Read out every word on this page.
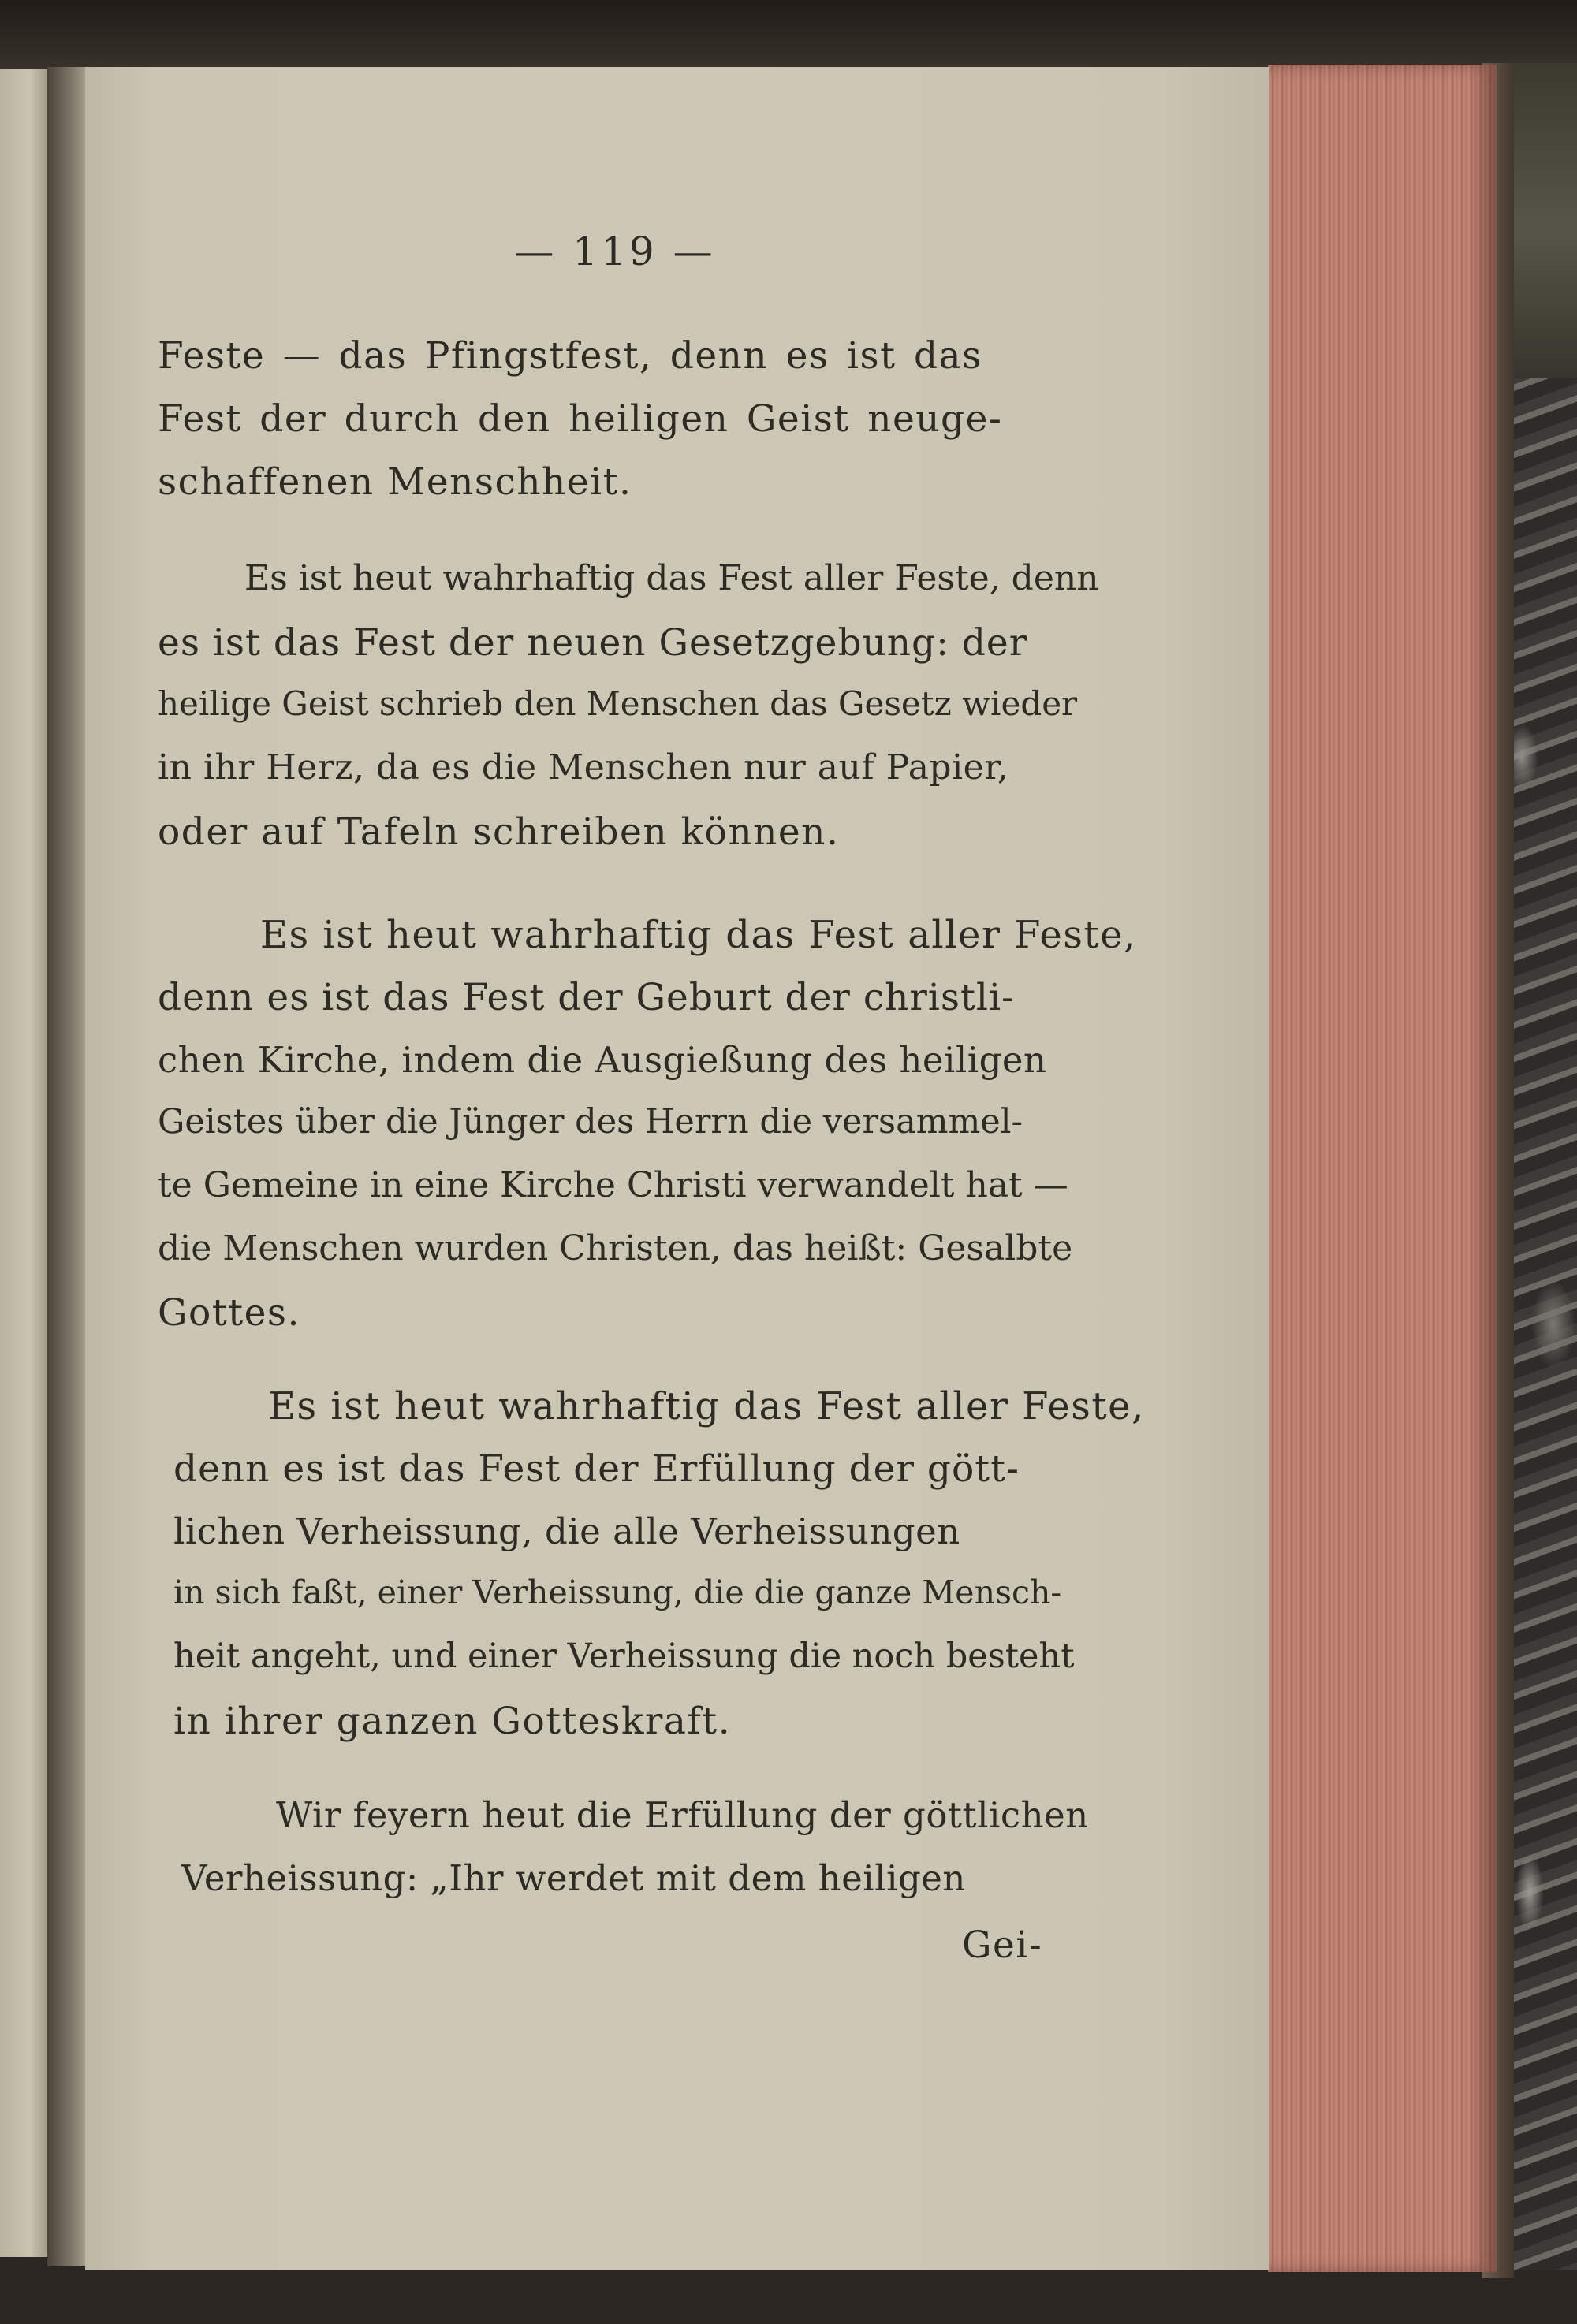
— 119 —
Feste — das Pfingstfest, denn es ist das
Fest der durch den heiligen Geist neuge-
schaffenen Menschheit.
Es ist heut wahrhaftig das Fest aller Feste, denn
es ist das Fest der neuen Gesetzgebung: der
heilige Geist schrieb den Menschen das Gesetz wieder
in ihr Herz, da es die Menschen nur auf Papier,
oder auf Tafeln schreiben können.
Es ist heut wahrhaftig das Fest aller Feste,
denn es ist das Fest der Geburt der christli-
chen Kirche, indem die Ausgießung des heiligen
Geistes über die Jünger des Herrn die versammel-
te Gemeine in eine Kirche Christi verwandelt hat —
die Menschen wurden Christen, das heißt: Gesalbte
Gottes.
Es ist heut wahrhaftig das Fest aller Feste,
denn es ist das Fest der Erfüllung der gött-
lichen Verheissung, die alle Verheissungen
in sich faßt, einer Verheissung, die die ganze Mensch-
heit angeht, und einer Verheissung die noch besteht
in ihrer ganzen Gotteskraft.
Wir feyern heut die Erfüllung der göttlichen
Verheissung: „Ihr werdet mit dem heiligen
Gei-
